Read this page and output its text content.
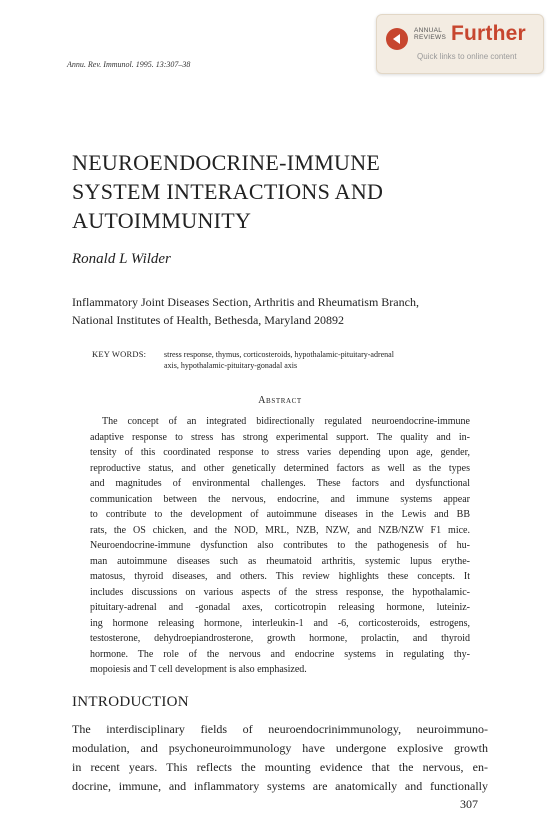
ANNUAL
REVIEWS Further
Quick links to online content
Annu. Rev. Immunol. 1995. 13:307–38
NEUROENDOCRINE-IMMUNE
SYSTEM INTERACTIONS AND
AUTOIMMUNITY
Ronald L Wilder
Inflammatory Joint Diseases Section, Arthritis and Rheumatism Branch,
National Institutes of Health, Bethesda, Maryland 20892
KEY WORDS: stress response, thymus, corticosteroids, hypothalamic-pituitary-adrenal
axis, hypothalamic-pituitary-gonadal axis
Abstract
The concept of an integrated bidirectionally regulated neuroendocrine-immune
adaptive response to stress has strong experimental support. The quality and in-
tensity of this coordinated response to stress varies depending upon age, gender,
reproductive status, and other genetically determined factors as well as the types
and magnitudes of environmental challenges. These factors and dysfunctional
communication between the nervous, endocrine, and immune systems appear
to contribute to the development of autoimmune diseases in the Lewis and BB
rats, the OS chicken, and the NOD, MRL, NZB, NZW, and NZB/NZW F1 mice.
Neuroendocrine-immune dysfunction also contributes to the pathogenesis of hu-
man autoimmune diseases such as rheumatoid arthritis, systemic lupus erythe-
matosus, thyroid diseases, and others. This review highlights these concepts. It
includes discussions on various aspects of the stress response, the hypothalamic-
pituitary-adrenal and -gonadal axes, corticotropin releasing hormone, luteiniz-
ing hormone releasing hormone, interleukin-1 and -6, corticosteroids, estrogens,
testosterone, dehydroepiandrosterone, growth hormone, prolactin, and thyroid
hormone. The role of the nervous and endocrine systems in regulating thy-
mopoiesis and T cell development is also emphasized.
INTRODUCTION
The interdisciplinary fields of neuroendocrinimmunology, neuroimmuno-
modulation, and psychoneuroimmunology have undergone explosive growth
in recent years. This reflects the mounting evidence that the nervous, en-
docrine, immune, and inflammatory systems are anatomically and functionally
307
